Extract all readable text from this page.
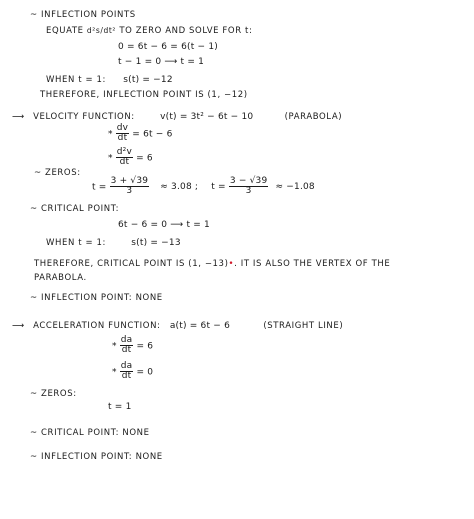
~ INFLECTION POINTS
EQUATE d²s/dt² TO ZERO AND SOLVE FOR t:
0 = 6t − 6 = 6(t − 1)
t − 1 = 0 ⟶ t = 1
WHEN t = 1: s(t) = −12
THEREFORE, INFLECTION POINT IS (1, −12)
⟶ VELOCITY FUNCTION:	v(t) = 3t² − 6t − 10	(PARABOLA)
* $\frac{dv}{dt} = 6t - 6$
* $\frac{\text{d²v}}{dt} = 6$
~ ZEROS:
$t = \frac{3 + √39}{3} \approx 3.08$ ; $t = \frac{3 - √39}{3} \approx -1.08$
~ CRITICAL POINT:
6t − 6 = 0 ⟶ t = 1
WHEN t = 1:	s(t) = −13
THEREFORE, CRITICAL POINT IS (1, −13)•. IT IS ALSO THE VERTEX OF THE
PARABOLA.
~ INFLECTION POINT: NONE
⟶ ACCELERATION FUNCTION: a(t) = 6t − 6	(STRAIGHT LINE)
* $\frac{da}{dt} = 6$
* $\frac{da}{dt} = 0$
~ ZEROS:
t = 1
~ CRITICAL POINT: NONE
~ INFLECTION POINT: NONE
